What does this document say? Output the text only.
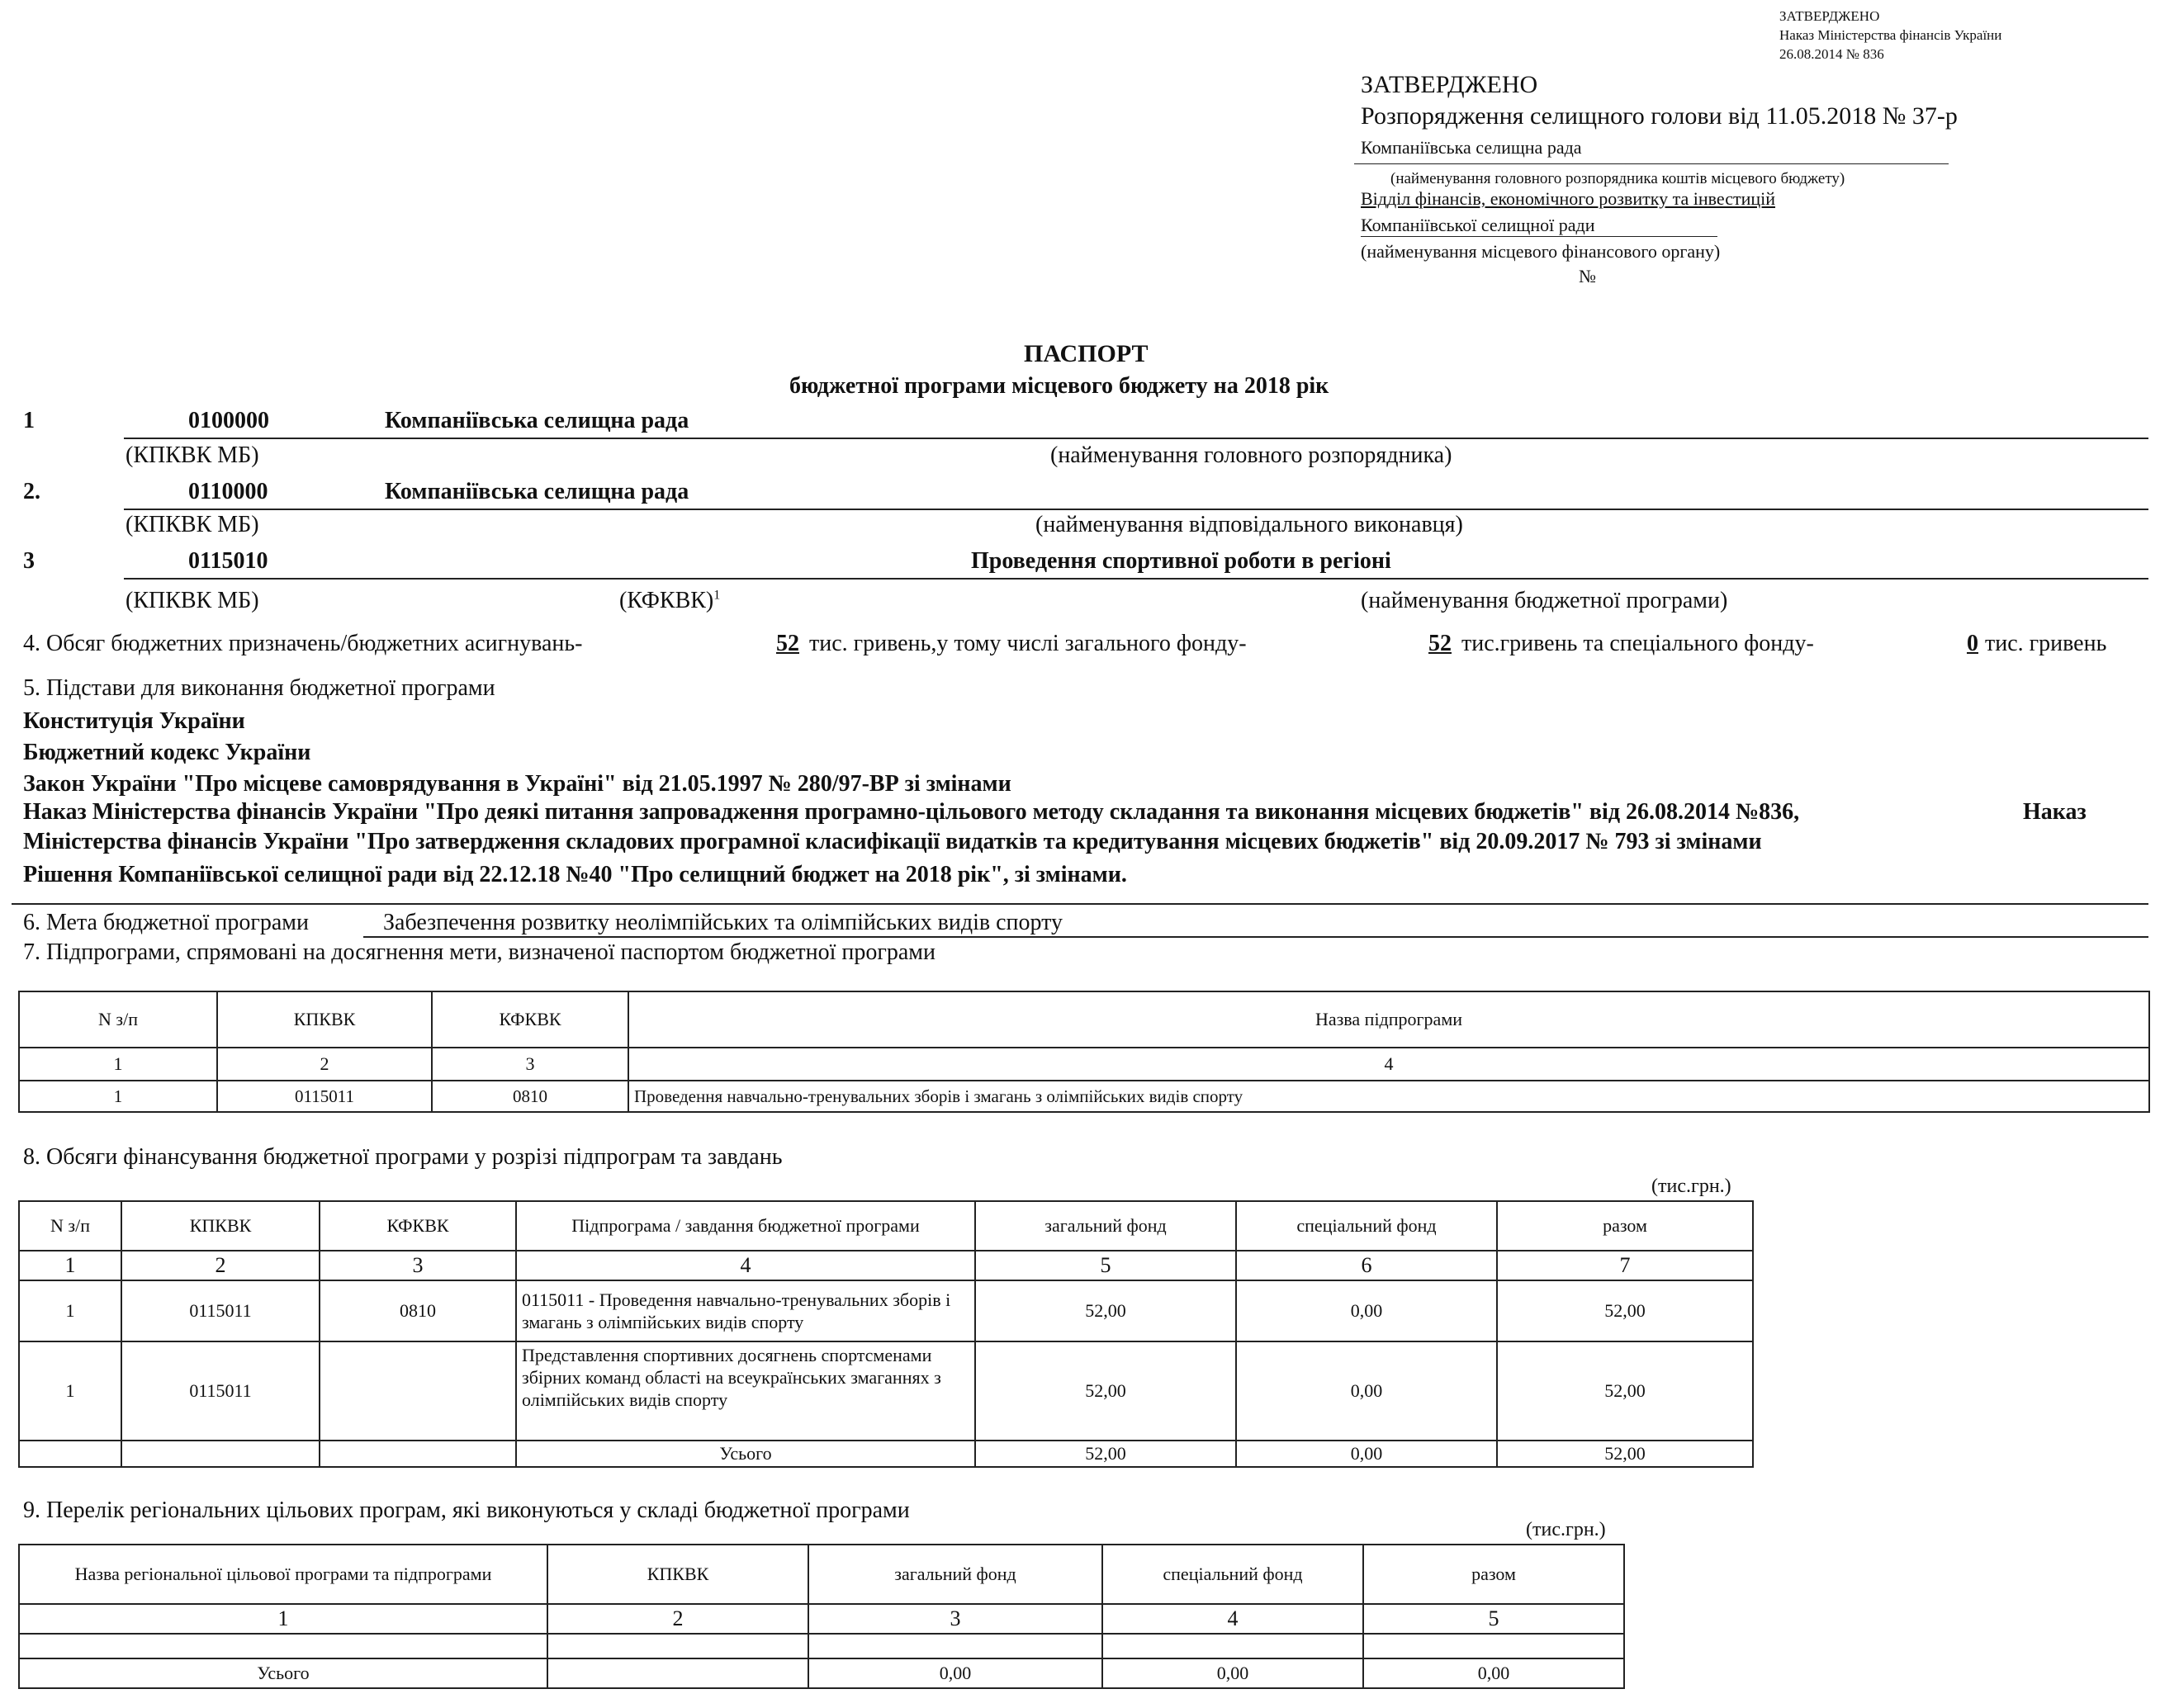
ЗАТВЕРДЖЕНО
Наказ Міністерства фінансів України
26.08.2014 № 836
ЗАТВЕРДЖЕНО
Розпорядження селищного голови від 11.05.2018 № 37-р
Компаніївська селищна рада
(найменування головного розпорядника коштів місцевого бюджету)
Відділ фінансів, економічного розвитку та інвестицій
Компаніївської селищної ради
(найменування місцевого фінансового органу)
№
ПАСПОРТ
бюджетної програми місцевого бюджету на 2018 рік
1	0100000	Компаніївська селищна рада
(КПКВК МБ)	(найменування головного розпорядника)
2.	0110000	Компаніївська селищна рада
(КПКВК МБ)	(найменування відповідального виконавця)
3	0115010	Проведення спортивної роботи в регіоні
(КПКВК МБ)	(КФКВК)$^1$	(найменування бюджетної програми)
4. Обсяг бюджетних призначень/бюджетних асигнувань-	52 тис. гривень,у тому числі загального фонду-	52 тис.гривень та спеціального фонду-	0 тис. гривень
5. Підстави для виконання бюджетної програми
Конституція України
Бюджетний кодекс України
Закон України "Про місцеве самоврядування в Україні" від 21.05.1997 № 280/97-ВР зі змінами
Наказ Міністерства фінансів України "Про деякі питання запровадження програмно-цільового методу складання та виконання місцевих бюджетів" від 26.08.2014 №836,	Наказ
Міністерства фінансів України "Про затвердження складових програмної класифікації видатків та кредитування місцевих бюджетів" від 20.09.2017 № 793 зі змінами
Рішення Компаніївської селищної ради від 22.12.18 №40 "Про селищний бюджет на 2018 рік", зі змінами.
6. Мета бюджетної програми	Забезпечення розвитку неолімпійських та олімпійських видів спорту
7. Підпрограми, спрямовані на досягнення мети, визначеної паспортом бюджетної програми
N з/п	КПКВК	КФКВК	Назва підпрограми
1	2	3	4
1	0115011	0810	Проведення навчально-тренувальних зборів і змагань з олімпійських видів спорту
8. Обсяги фінансування бюджетної програми у розрізі підпрограм та завдань
(тис.грн.)
N з/п	КПКВК	КФКВК	Підпрограма / завдання бюджетної програми	загальний фонд	спеціальний фонд	разом
1	2	3	4	5	6	7
1	0115011	0810	0115011 - Проведення навчально-тренувальних зборів і змагань з олімпійських видів спорту	52,00	0,00	52,00
1	0115011		Представлення спортивних досягнень спортсменами збірних команд області на всеукраїнських змаганнях з олімпійських видів спорту	52,00	0,00	52,00
			Усього	52,00	0,00	52,00
9. Перелік регіональних цільових програм, які виконуються у складі бюджетної програми
(тис.грн.)
Назва регіональної цільової програми та підпрограми	КПКВК	загальний фонд	спеціальний фонд	разом
1	2	3	4	5

Усього		0,00	0,00	0,00
